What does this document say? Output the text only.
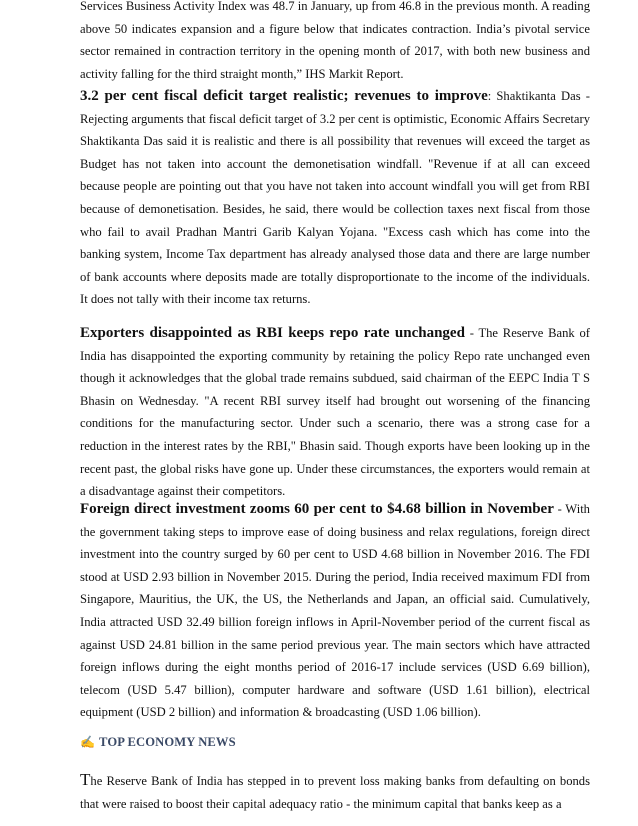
Services Business Activity Index was 48.7 in January, up from 46.8 in the previous month. A reading above 50 indicates expansion and a figure below that indicates contraction. India’s pivotal service sector remained in contraction territory in the opening month of 2017, with both new business and activity falling for the third straight month,” IHS Markit Report.

3.2 per cent fiscal deficit target realistic; revenues to improve: Shaktikanta Das - Rejecting arguments that fiscal deficit target of 3.2 per cent is optimistic, Economic Affairs Secretary Shaktikanta Das said it is realistic and there is all possibility that revenues will exceed the target as Budget has not taken into account the demonetisation windfall. "Revenue if at all can exceed because people are pointing out that you have not taken into account windfall you will get from RBI because of demonetisation. Besides, he said, there would be collection taxes next fiscal from those who fail to avail Pradhan Mantri Garib Kalyan Yojana. "Excess cash which has come into the banking system, Income Tax department has already analysed those data and there are large number of bank accounts where deposits made are totally disproportionate to the income of the individuals. It does not tally with their income tax returns.

Exporters disappointed as RBI keeps repo rate unchanged - The Reserve Bank of India has disappointed the exporting community by retaining the policy Repo rate unchanged even though it acknowledges that the global trade remains subdued, said chairman of the EEPC India T S Bhasin on Wednesday. "A recent RBI survey itself had brought out worsening of the financing conditions for the manufacturing sector. Under such a scenario, there was a strong case for a reduction in the interest rates by the RBI," Bhasin said. Though exports have been looking up in the recent past, the global risks have gone up. Under these circumstances, the exporters would remain at a disadvantage against their competitors.

Foreign direct investment zooms 60 per cent to $4.68 billion in November - With the government taking steps to improve ease of doing business and relax regulations, foreign direct investment into the country surged by 60 per cent to USD 4.68 billion in November 2016. The FDI stood at USD 2.93 billion in November 2015. During the period, India received maximum FDI from Singapore, Mauritius, the UK, the US, the Netherlands and Japan, an official said. Cumulatively, India attracted USD 32.49 billion foreign inflows in April-November period of the current fiscal as against USD 24.81 billion in the same period previous year. The main sectors which have attracted foreign inflows during the eight months period of 2016-17 include services (USD 6.69 billion), telecom (USD 5.47 billion), computer hardware and software (USD 1.61 billion), electrical equipment (USD 2 billion) and information & broadcasting (USD 1.06 billion).

✍ TOP ECONOMY NEWS

The Reserve Bank of India has stepped in to prevent loss making banks from defaulting on bonds that were raised to boost their capital adequacy ratio - the minimum capital that banks keep as a
